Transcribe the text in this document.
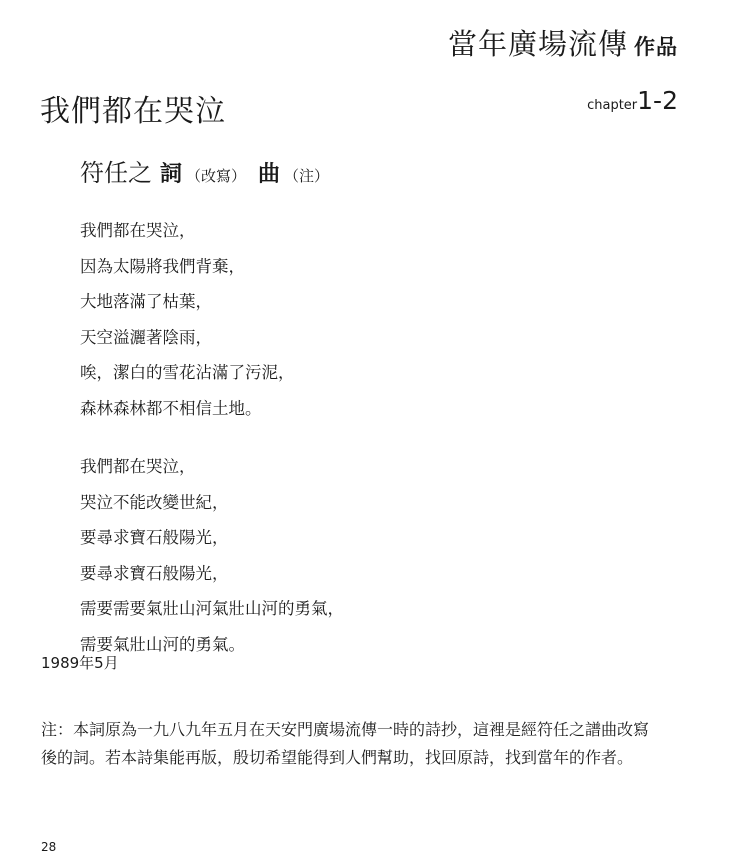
當年廣場流傳 作品
我們都在哭泣	chapter1-2
符任之 詞 （改寫） 曲 （注）
我們都在哭泣，
因為太陽將我們背棄，
大地落滿了枯葉，
天空溢灑著陰雨，
唉，潔白的雪花沾滿了污泥，
森林森林都不相信土地。
我們都在哭泣，
哭泣不能改變世紀，
要尋求寶石般陽光，
要尋求寶石般陽光，
需要需要氣壯山河氣壯山河的勇氣，
需要氣壯山河的勇氣。
1989年5月

注：本詞原為一九八九年五月在天安門廣場流傳一時的詩抄，這裡是經符任之譜曲改寫

後的詞。若本詩集能再版，殷切希望能得到人們幫助，找回原詩，找到當年的作者。

28
